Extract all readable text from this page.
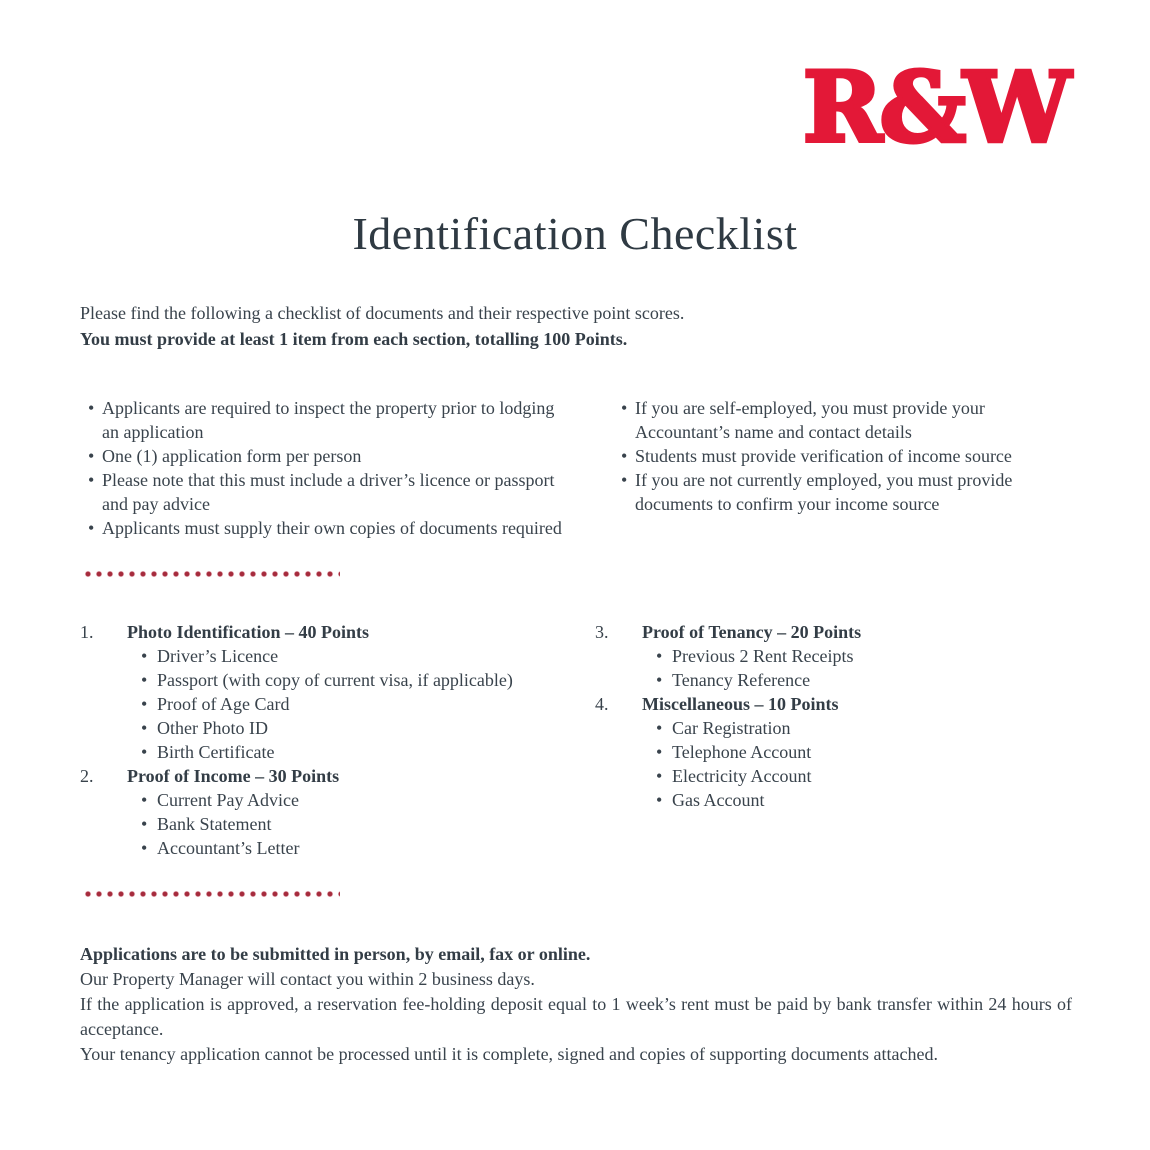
R&W
Identification Checklist
Please find the following a checklist of documents and their respective point scores.
You must provide at least 1 item from each section, totalling 100 Points.
•
Applicants are required to inspect the property prior to lodging an application
•
One (1) application form per person
•
Please note that this must include a driver’s licence or passport and pay advice
•
Applicants must supply their own copies of documents required
•
If you are self-employed, you must provide your Accountant’s name and contact details
•
Students must provide verification of income source
•
If you are not currently employed, you must provide documents to confirm your income source
1.	Photo Identification – 40 Points
•
Driver’s Licence
•
Passport (with copy of current visa, if applicable)
•
Proof of Age Card
•
Other Photo ID
•
Birth Certificate
2.	Proof of Income – 30 Points
•
Current Pay Advice
•
Bank Statement
•
Accountant’s Letter
3.	Proof of Tenancy – 20 Points
•
Previous 2 Rent Receipts
•
Tenancy Reference
4.	Miscellaneous – 10 Points
•
Car Registration
•
Telephone Account
•
Electricity Account
•
Gas Account
Applications are to be submitted in person, by email, fax or online.
Our Property Manager will contact you within 2 business days.
If the application is approved, a reservation fee-holding deposit equal to 1 week’s rent must be paid by bank transfer within 24 hours of acceptance.
Your tenancy application cannot be processed until it is complete, signed and copies of supporting documents attached.
